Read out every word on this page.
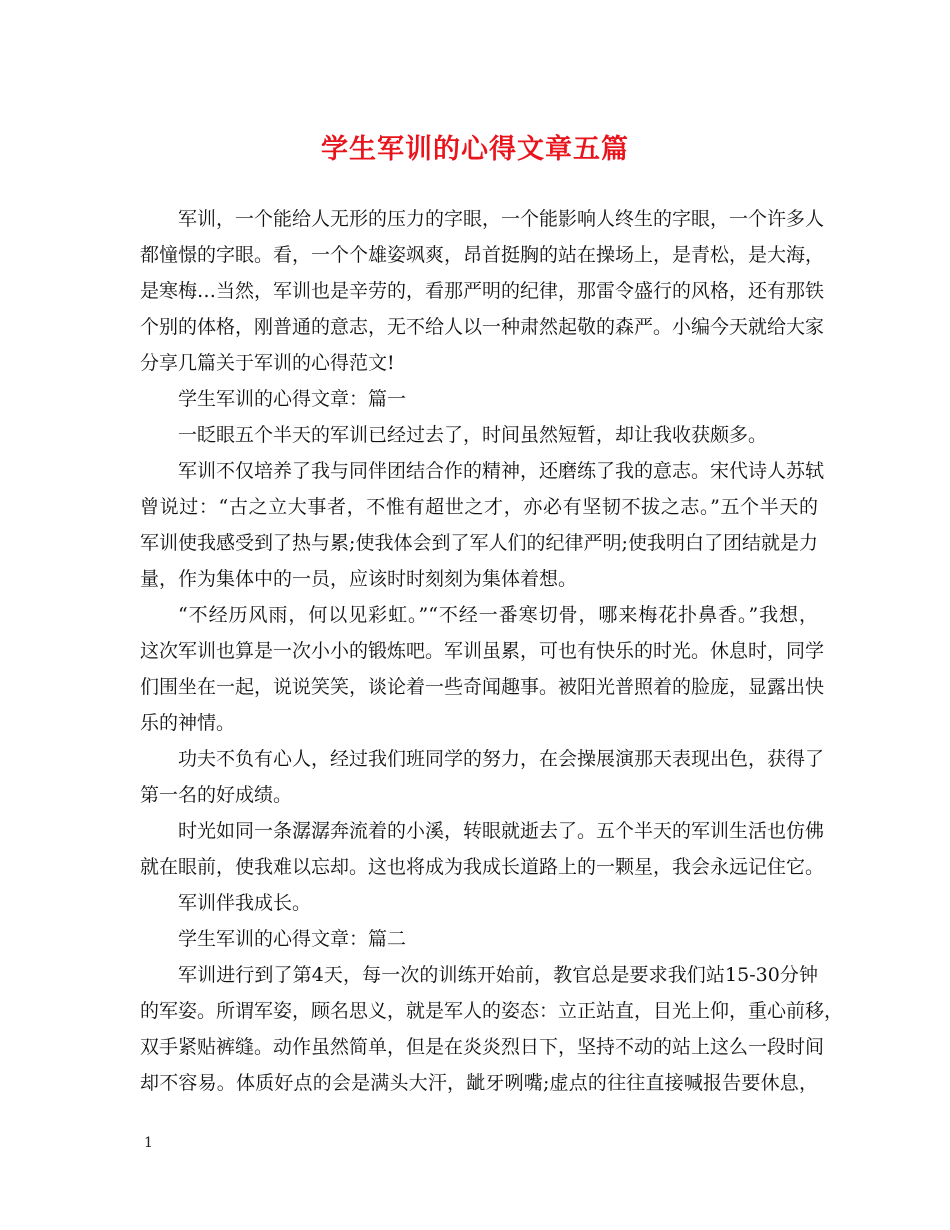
学生军训的心得文章五篇
军训，一个能给人无形的压力的字眼，一个能影响人终生的字眼，一个许多人
都憧憬的字眼。看，一个个雄姿飒爽，昂首挺胸的站在操场上，是青松，是大海，
是寒梅…当然，军训也是辛劳的，看那严明的纪律，那雷令盛行的风格，还有那铁
个别的体格，刚普通的意志，无不给人以一种肃然起敬的森严。小编今天就给大家
分享几篇关于军训的心得范文!
学生军训的心得文章：篇一
一眨眼五个半天的军训已经过去了，时间虽然短暂，却让我收获颇多。
军训不仅培养了我与同伴团结合作的精神，还磨练了我的意志。宋代诗人苏轼
曾说过：“古之立大事者，不惟有超世之才，亦必有坚韧不拔之志。”五个半天的
军训使我感受到了热与累;使我体会到了军人们的纪律严明;使我明白了团结就是力
量，作为集体中的一员，应该时时刻刻为集体着想。
“不经历风雨，何以见彩虹。”“不经一番寒切骨，哪来梅花扑鼻香。”我想，
这次军训也算是一次小小的锻炼吧。军训虽累，可也有快乐的时光。休息时，同学
们围坐在一起，说说笑笑，谈论着一些奇闻趣事。被阳光普照着的脸庞，显露出快
乐的神情。
功夫不负有心人，经过我们班同学的努力，在会操展演那天表现出色，获得了
第一名的好成绩。
时光如同一条潺潺奔流着的小溪，转眼就逝去了。五个半天的军训生活也仿佛
就在眼前，使我难以忘却。这也将成为我成长道路上的一颗星，我会永远记住它。
军训伴我成长。
学生军训的心得文章：篇二
军训进行到了第4天，每一次的训练开始前，教官总是要求我们站15-30分钟
的军姿。所谓军姿，顾名思义，就是军人的姿态：立正站直，目光上仰，重心前移，
双手紧贴裤缝。动作虽然简单，但是在炎炎烈日下，坚持不动的站上这么一段时间
却不容易。体质好点的会是满头大汗，龇牙咧嘴;虚点的往往直接喊报告要休息，
1
